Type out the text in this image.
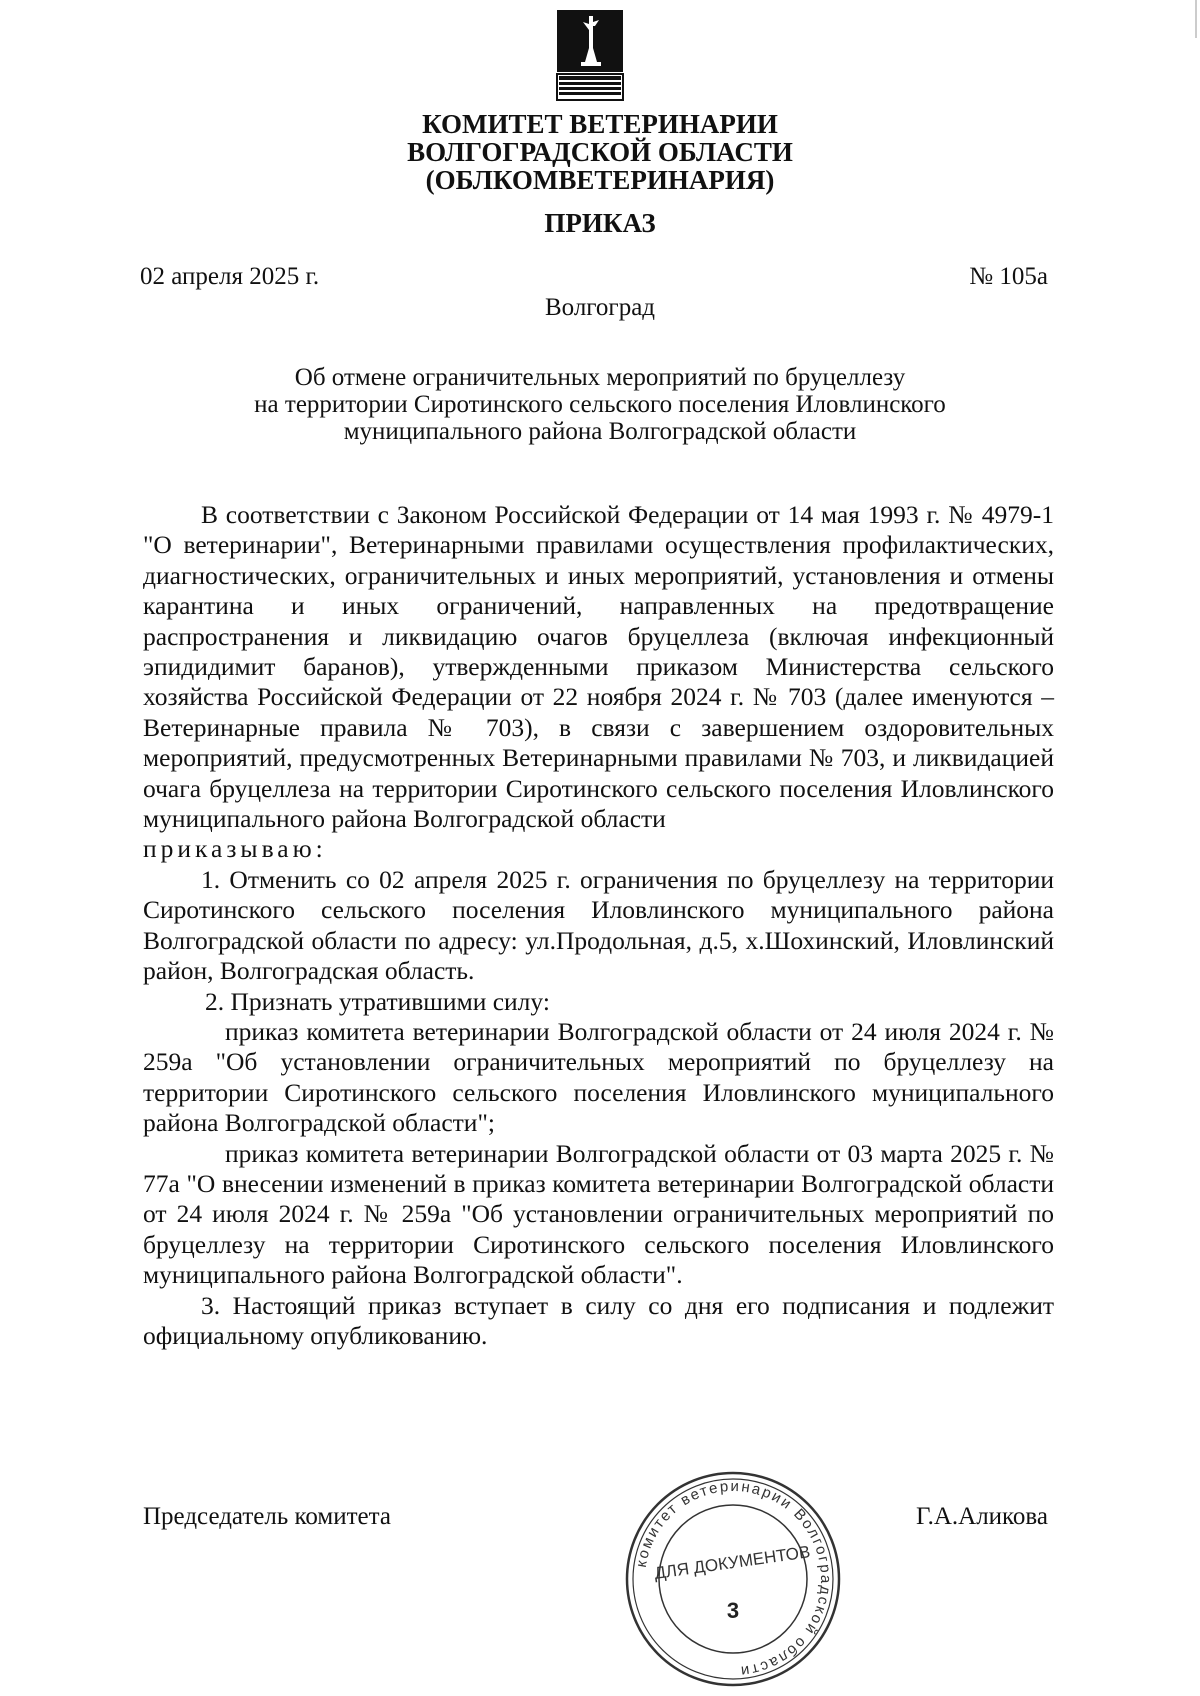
КОМИТЕТ ВЕТЕРИНАРИИ
ВОЛГОГРАДСКОЙ ОБЛАСТИ
(ОБЛКОМВЕТЕРИНАРИЯ)
ПРИКАЗ
02 апреля 2025 г.	№ 105а
Волгоград
Об отмене ограничительных мероприятий по бруцеллезу
на территории Сиротинского сельского поселения Иловлинского
муниципального района Волгоградской области

В соответствии с Законом Российской Федерации от 14 мая 1993 г. № 4979-1 "О ветеринарии", Ветеринарными правилами осуществления профилактических, диагностических, ограничительных и иных мероприятий, установления и отмены карантина и иных ограничений, направленных на предотвращение распространения и ликвидацию очагов бруцеллеза (включая инфекционный эпидидимит баранов), утвержденными приказом Министерства сельского хозяйства Российской Федерации от 22 ноября 2024 г. № 703 (далее именуются – Ветеринарные правила № 703), в связи с завершением оздоровительных мероприятий, предусмотренных Ветеринарными правилами № 703, и ликвидацией очага бруцеллеза на территории Сиротинского сельского поселения Иловлинского муниципального района Волгоградской области

приказываю:

1. Отменить со 02 апреля 2025 г. ограничения по бруцеллезу на территории Сиротинского сельского поселения Иловлинского муниципального района Волгоградской области по адресу: ул.Продольная, д.5, х.Шохинский, Иловлинский район, Волгоградская область.

2. Признать утратившими силу:

приказ комитета ветеринарии Волгоградской области от 24 июля 2024 г. № 259а "Об установлении ограничительных мероприятий по бруцеллезу на территории Сиротинского сельского поселения Иловлинского муниципального района Волгоградской области";

приказ комитета ветеринарии Волгоградской области от 03 марта 2025 г. № 77а "О внесении изменений в приказ комитета ветеринарии Волгоградской области от 24 июля 2024 г. № 259а "Об установлении ограничительных мероприятий по бруцеллезу на территории Сиротинского сельского поселения Иловлинского муниципального района Волгоградской области".

3. Настоящий приказ вступает в силу со дня его подписания и подлежит официальному опубликованию.

Председатель комитета	Г.А.Аликова
комитет ветеринарии Волгоградской области
ДЛЯ ДОКУМЕНТОВ
3
